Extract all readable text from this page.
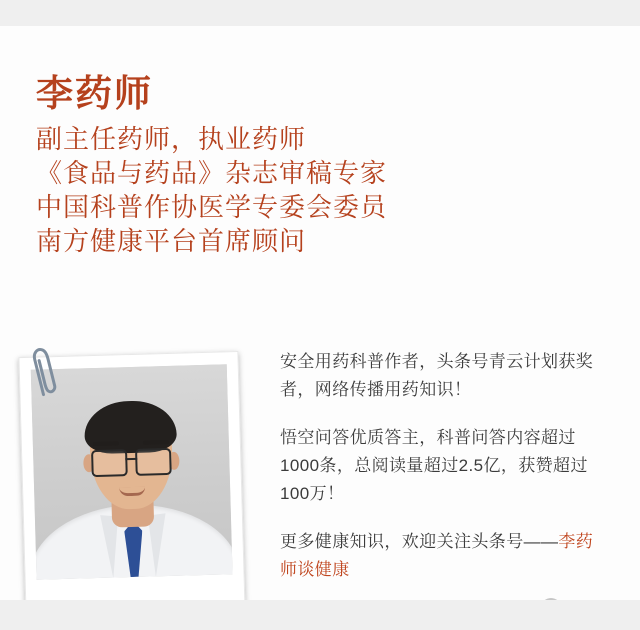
李药师
副主任药师，执业药师
《食品与药品》杂志审稿专家
中国科普作协医学专委会委员
南方健康平台首席顾问

安全用药科普作者，头条号青云计划获奖者，网络传播用药知识！

悟空问答优质答主，科普问答内容超过1000条，总阅读量超过2.5亿，获赞超过100万！

更多健康知识，欢迎关注头条号——李药师谈健康
